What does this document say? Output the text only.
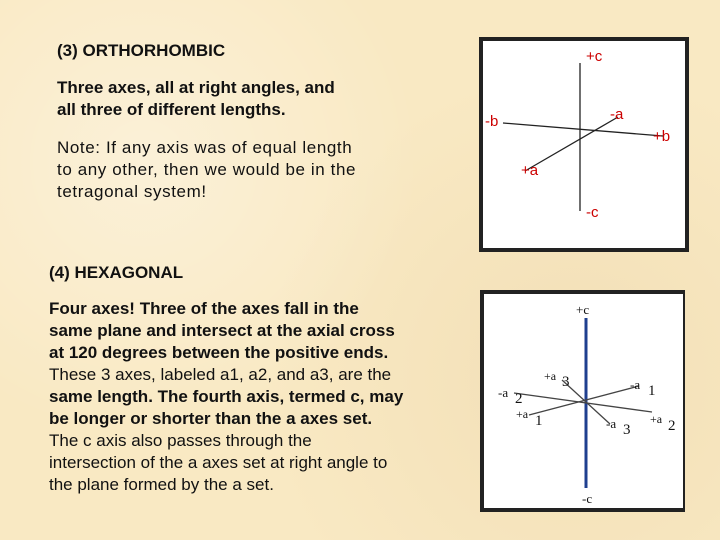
(3) ORTHORHOMBIC
Three axes, all at right angles, and
all three of different lengths.
Note: If any axis was of equal length
to any other, then we would be in the
tetragonal system!
+c
-a
-b
+b
+a
-c
(4) HEXAGONAL
Four axes! Three of the axes fall in the
same plane and intersect at the axial cross
at 120 degrees between the positive ends.
These 3 axes, labeled a1, a2, and a3, are the
same length. The fourth axis, termed c, may
be longer or shorter than the a axes set.
The c axis also passes through the
intersection of the a axes set at right angle to
the plane formed by the a set.
+c
+a 3	-a 1
-a 2
+a 1	-a 3
+a 2
-c
